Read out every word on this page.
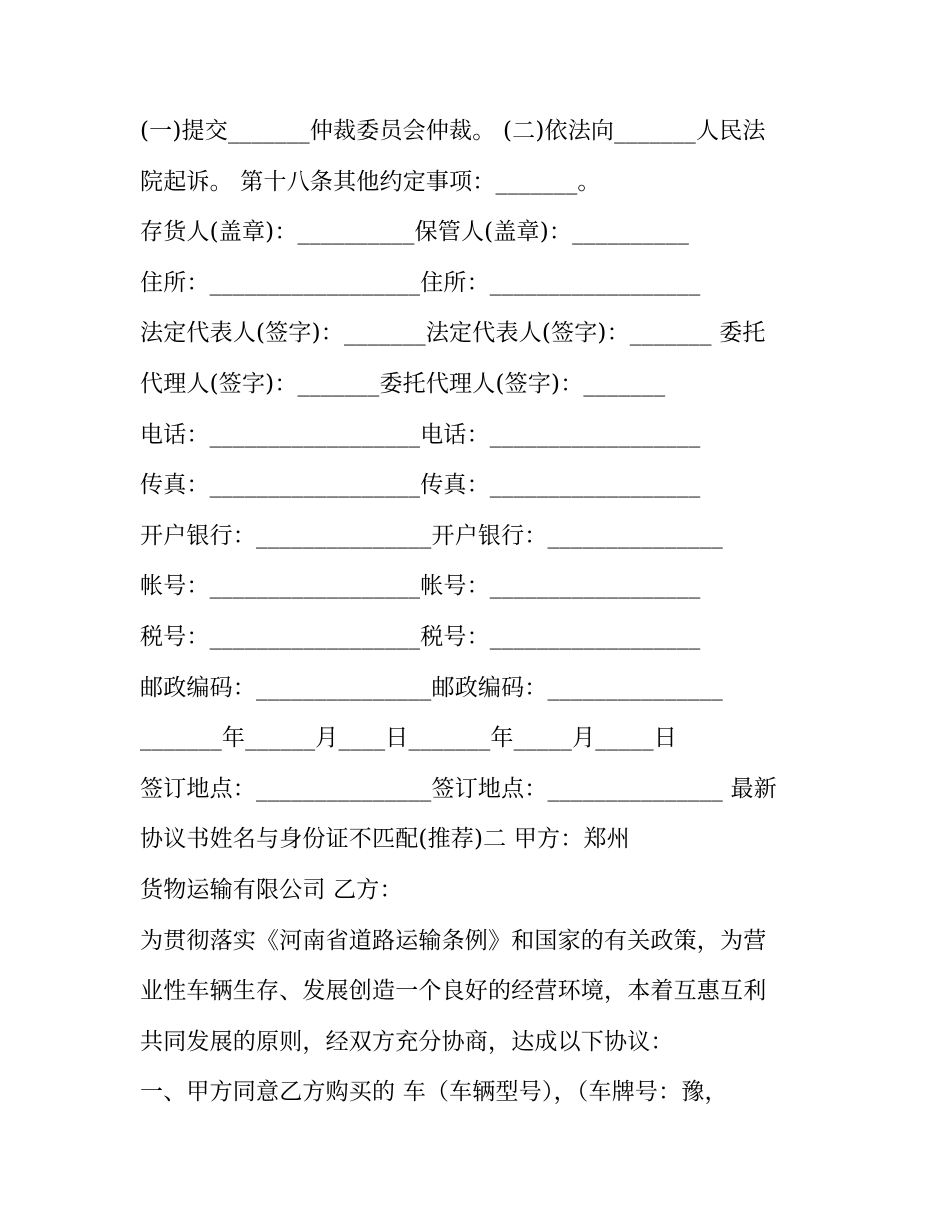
(一)提交_______仲裁委员会仲裁。 (二)依法向_______人民法
院起诉。 第十八条其他约定事项：_______。
存货人(盖章)：__________保管人(盖章)：__________
住所：__________________住所：__________________
法定代表人(签字)：_______法定代表人(签字)：_______ 委托
代理人(签字)：_______委托代理人(签字)：_______
电话：__________________电话：__________________
传真：__________________传真：__________________
开户银行：_______________开户银行：_______________
帐号：__________________帐号：__________________
税号：__________________税号：__________________
邮政编码：_______________邮政编码：_______________
_______年______月____日_______年_____月_____日
签订地点：_______________签订地点：_______________ 最新
协议书姓名与身份证不匹配(推荐)二 甲方：郑州
货物运输有限公司 乙方：
为贯彻落实《河南省道路运输条例》和国家的有关政策，为营
业性车辆生存、发展创造一个良好的经营环境，本着互惠互利
共同发展的原则，经双方充分协商，达成以下协议：
一、甲方同意乙方购买的 车（车辆型号），（车牌号：豫，
